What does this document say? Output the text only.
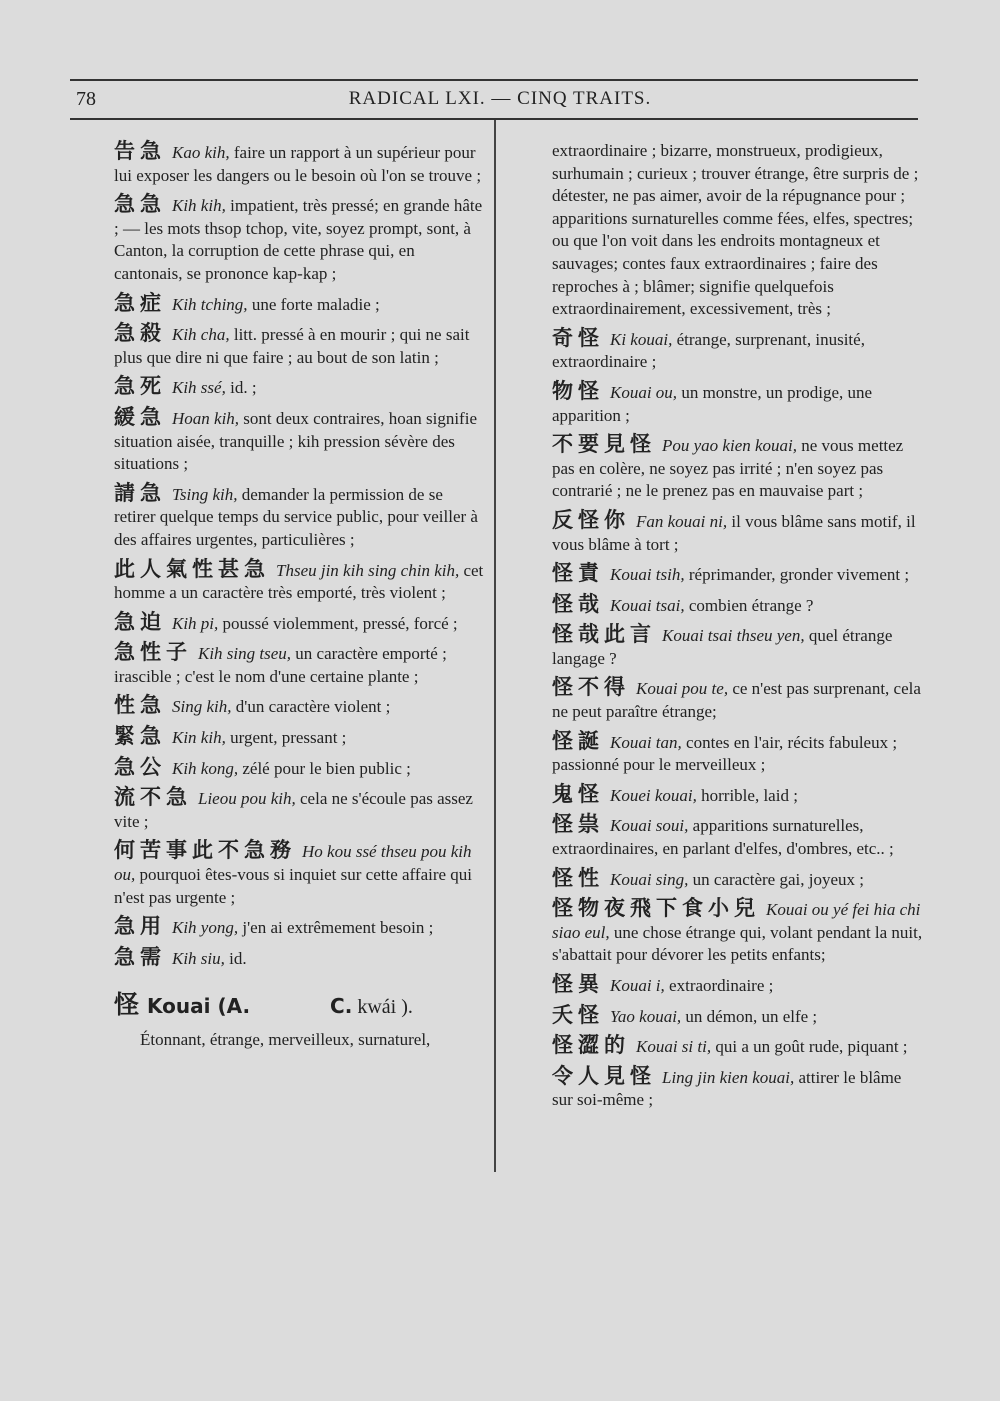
78	RADICAL LXI. — CINQ TRAITS.
告急 Kao kih, faire un rapport à un supérieur pour lui exposer les dangers ou le besoin où l'on se trouve ;
急急 Kih kih, impatient, très pressé; en grande hâte ; — les mots thsop tchop, vite, soyez prompt, sont, à Canton, la corruption de cette phrase qui, en cantonais, se prononce kap-kap ;
急症 Kih tching, une forte maladie ;
急殺 Kih cha, litt. pressé à en mourir ; qui ne sait plus que dire ni que faire ; au bout de son latin ;
急死 Kih ssé, id. ;
緩急 Hoan kih, sont deux contraires, hoan signifie situation aisée, tranquille ; kih pression sévère des situations ;
請急 Tsing kih, demander la permission de se retirer quelque temps du service public, pour veiller à des affaires urgentes, particulières ;
此人氣性甚急 Thseu jin kih sing chin kih, cet homme a un caractère très emporté, très violent ;
急迫 Kih pi, poussé violemment, pressé, forcé ;
急性子 Kih sing tseu, un caractère emporté ; irascible ; c'est le nom d'une certaine plante ;
性急 Sing kih, d'un caractère violent ;
緊急 Kin kih, urgent, pressant ;
急公 Kih kong, zélé pour le bien public ;
流不急 Lieou pou kih, cela ne s'écoule pas assez vite ;
何苦事此不急務 Ho kou ssé thseu pou kih ou, pourquoi êtes-vous si inquiet sur cette affaire qui n'est pas urgente ;
急用 Kih yong, j'en ai extrêmement besoin ;
急需 Kih siu, id.
怪 Kouai (A.	C. kwái ).
Étonnant, étrange, merveilleux, surnaturel,
extraordinaire ; bizarre, monstrueux, prodigieux, surhumain ; curieux ; trouver étrange, être surpris de ; détester, ne pas aimer, avoir de la répugnance pour ; apparitions surnaturelles comme fées, elfes, spectres; ou que l'on voit dans les endroits montagneux et sauvages; contes faux extraordinaires ; faire des reproches à ; blâmer; signifie quelquefois extraordinairement, excessivement, très ;
奇怪 Ki kouai, étrange, surprenant, inusité, extraordinaire ;
物怪 Kouai ou, un monstre, un prodige, une apparition ;
不要見怪 Pou yao kien kouai, ne vous mettez pas en colère, ne soyez pas irrité ; n'en soyez pas contrarié ; ne le prenez pas en mauvaise part ;
反怪你 Fan kouai ni, il vous blâme sans motif, il vous blâme à tort ;
怪責 Kouai tsih, réprimander, gronder vivement ;
怪哉 Kouai tsai, combien étrange ?
怪哉此言 Kouai tsai thseu yen, quel étrange langage ?
怪不得 Kouai pou te, ce n'est pas surprenant, cela ne peut paraître étrange;
怪誕 Kouai tan, contes en l'air, récits fabuleux ; passionné pour le merveilleux ;
鬼怪 Kouei kouai, horrible, laid ;
怪祟 Kouai soui, apparitions surnaturelles, extraordinaires, en parlant d'elfes, d'ombres, etc.. ;
怪性 Kouai sing, un caractère gai, joyeux ;
怪物夜飛下食小兒 Kouai ou yé fei hia chi siao eul, une chose étrange qui, volant pendant la nuit, s'abattait pour dévorer les petits enfants;
怪異 Kouai i, extraordinaire ;
夭怪 Yao kouai, un démon, un elfe ;
怪澀的 Kouai si ti, qui a un goût rude, piquant ;
令人見怪 Ling jin kien kouai, attirer le blâme sur soi-même ;
